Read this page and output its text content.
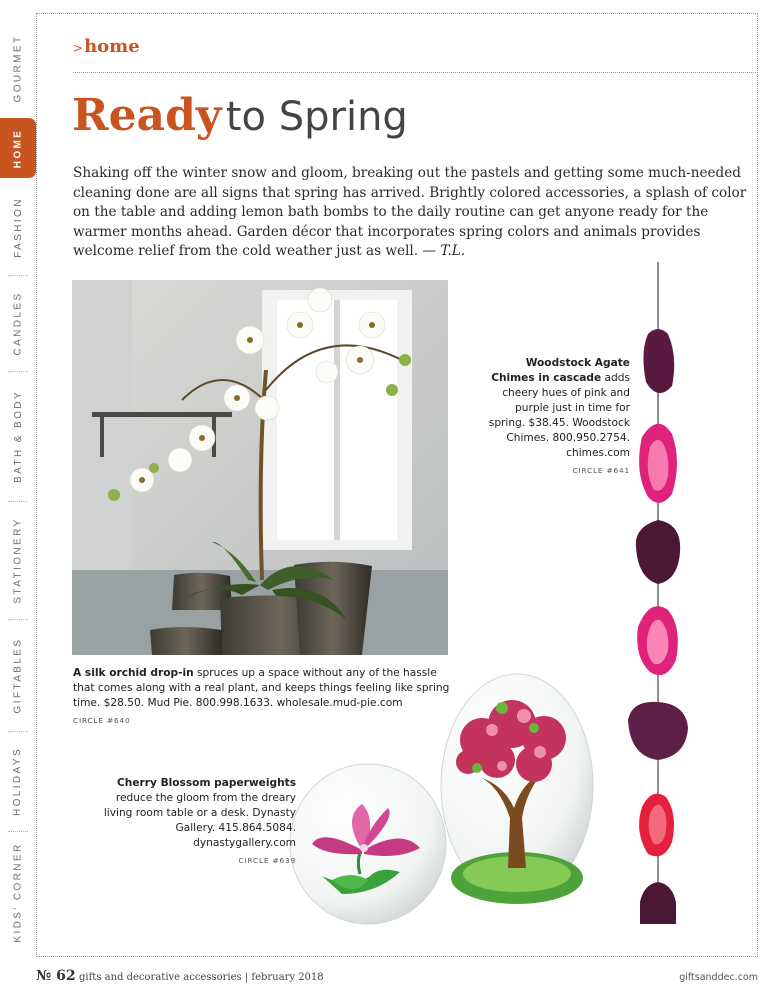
GOURMET
HOME
FASHION
CANDLES
BATH & BODY
STATIONERY
GIFTABLES
HOLIDAYS
KIDS' CORNER
>home
Ready to Spring

Shaking off the winter snow and gloom, breaking out the pastels and getting some much-needed cleaning done are all signs that spring has arrived. Brightly colored accessories, a splash of color on the table and adding lemon bath bombs to the daily routine can get anyone ready for the warmer months ahead. Garden décor that incorporates spring colors and animals provides welcome relief from the cold weather just as well. — T.L.

A silk orchid drop-in spruces up a space without any of the hassle that comes along with a real plant, and keeps things feeling like spring time. $28.50. Mud Pie. 800.998.1633. wholesale.mud-pie.com
CIRCLE #640
Woodstock Agate Chimes in cascade adds cheery hues of pink and purple just in time for spring. $38.45. Woodstock Chimes. 800.950.2754. chimes.com
CIRCLE #641
Cherry Blossom paperweights reduce the gloom from the dreary living room table or a desk. Dynasty Gallery. 415.864.5084. dynastygallery.com
CIRCLE #639
№ 62 gifts and decorative accessories | february 2018	giftsanddec.com
